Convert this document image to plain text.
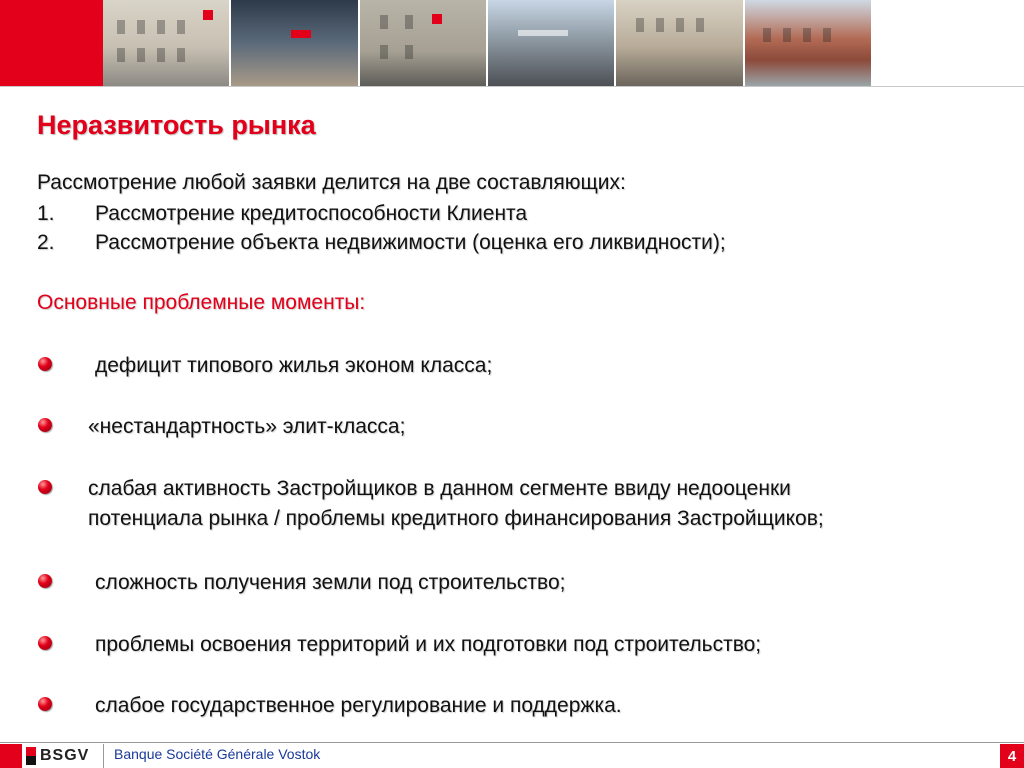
Неразвитость рынка
Рассмотрение любой заявки делится на две составляющих:
1. Рассмотрение кредитоспособности Клиента
2. Рассмотрение объекта недвижимости (оценка его ликвидности);
Основные проблемные моменты:
дефицит типового жилья эконом класса;
«нестандартность» элит-класса;
слабая активность Застройщиков в данном сегменте ввиду недооценки
потенциала рынка / проблемы кредитного финансирования Застройщиков;
сложность получения земли под строительство;
проблемы освоения территорий и их подготовки под строительство;
слабое государственное регулирование и поддержка.
BSGV Banque Société Générale Vostok	4
